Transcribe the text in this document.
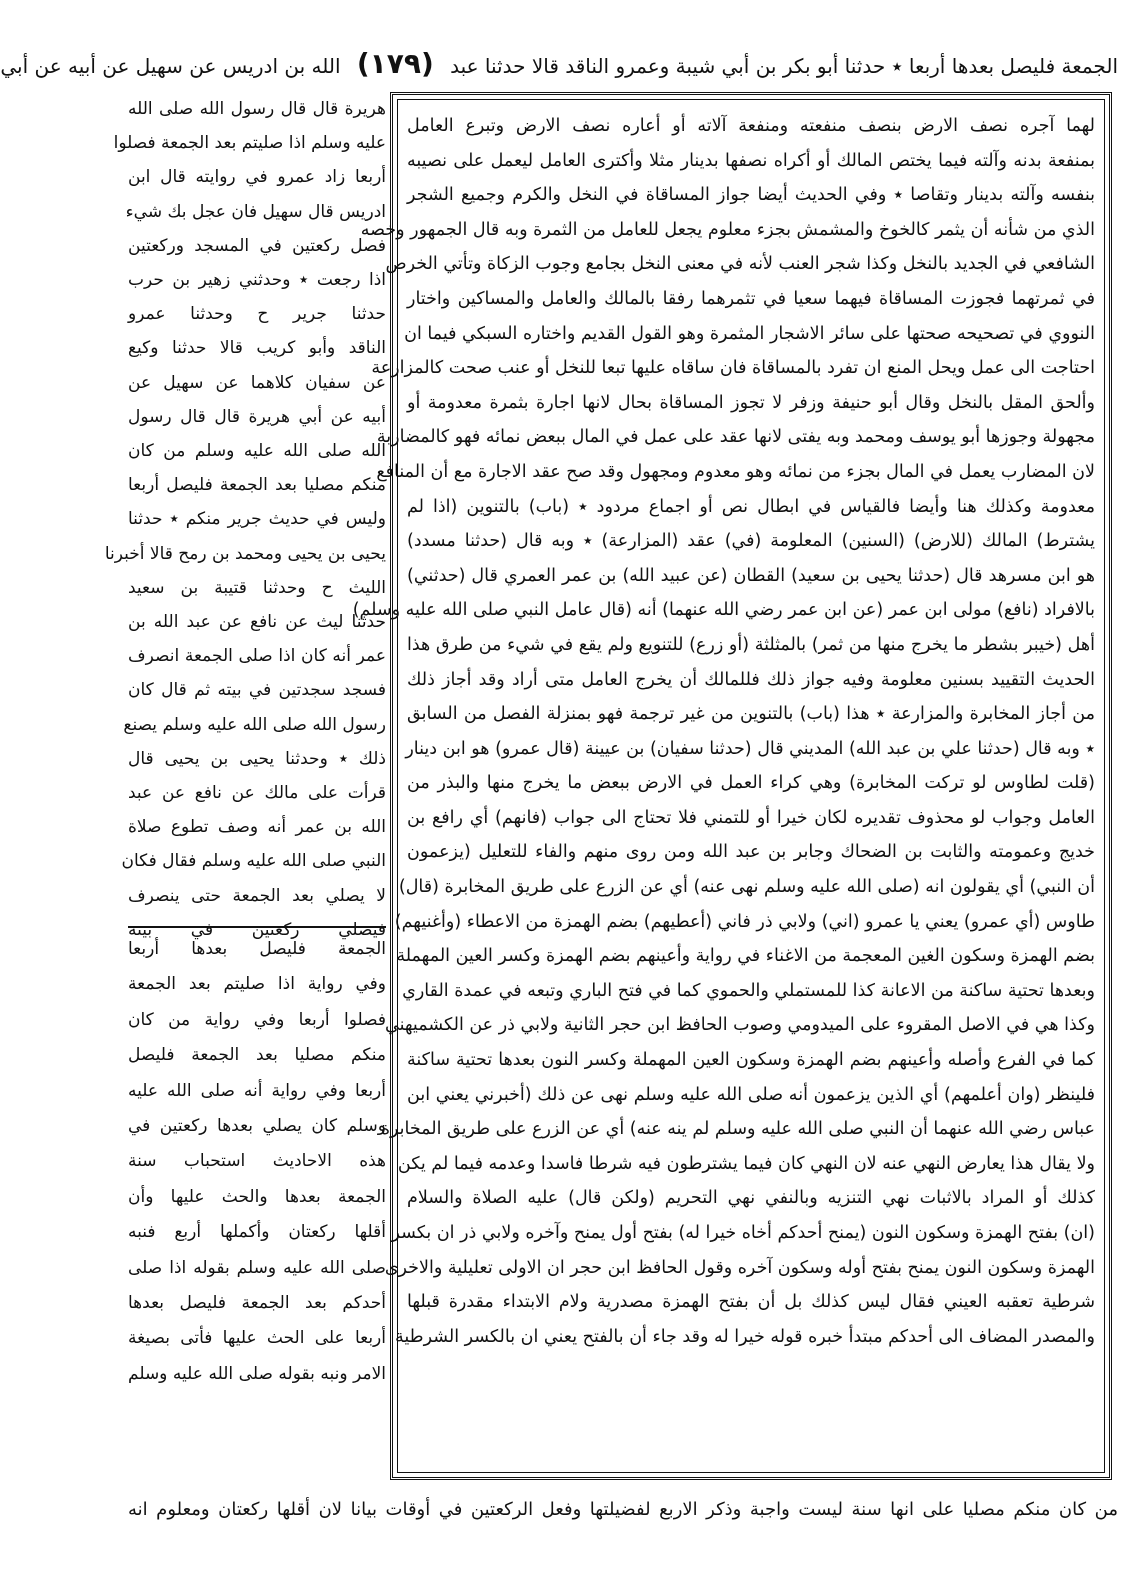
الجمعة فليصل بعدها أربعا ٭ حدثنا أبو بكر بن أبي شيبة وعمرو الناقد قالا حدثنا عبد (١٧٩) الله بن ادريس عن سهيل عن أبيه عن أبي

لهما آجره نصف الارض بنصف منفعته ومنفعة آلاته أو أعاره نصف الارض وتبرع العامل

بمنفعة بدنه وآلته فيما يختص المالك أو أكراه نصفها بدينار مثلا وأكترى العامل ليعمل على نصيبه

بنفسه وآلته بدينار وتقاصا ٭ وفي الحديث أيضا جواز المساقاة في النخل والكرم وجميع الشجر

الذي من شأنه أن يثمر كالخوخ والمشمش بجزء معلوم يجعل للعامل من الثمرة وبه قال الجمهور وخصه

الشافعي في الجديد بالنخل وكذا شجر العنب لأنه في معنى النخل بجامع وجوب الزكاة وتأتي الخرص

في ثمرتهما فجوزت المساقاة فيهما سعيا في تثمرهما رفقا بالمالك والعامل والمساكين واختار

النووي في تصحيحه صحتها على سائر الاشجار المثمرة وهو القول القديم واختاره السبكي فيما ان

احتاجت الى عمل ويحل المنع ان تفرد بالمساقاة فان ساقاه عليها تبعا للنخل أو عنب صحت كالمزارعة

وألحق المقل بالنخل وقال أبو حنيفة وزفر لا تجوز المساقاة بحال لانها اجارة بثمرة معدومة أو

مجهولة وجوزها أبو يوسف ومحمد وبه يفتى لانها عقد على عمل في المال ببعض نمائه فهو كالمضاربة

لان المضارب يعمل في المال بجزء من نمائه وهو معدوم ومجهول وقد صح عقد الاجارة مع أن المنافع

معدومة وكذلك هنا وأيضا فالقياس في ابطال نص أو اجماع مردود ٭ (باب) بالتنوين (اذا لم

يشترط) المالك (للارض) (السنين) المعلومة (في) عقد (المزارعة) ٭ وبه قال (حدثنا مسدد)

هو ابن مسرهد قال (حدثنا يحيى بن سعيد) القطان (عن عبيد الله) بن عمر العمري قال (حدثني)

بالافراد (نافع) مولى ابن عمر (عن ابن عمر رضي الله عنهما) أنه (قال عامل النبي صلى الله عليه وسلم)

أهل (خيبر بشطر ما يخرج منها من ثمر) بالمثلثة (أو زرع) للتنويع ولم يقع في شيء من طرق هذا

الحديث التقييد بسنين معلومة وفيه جواز ذلك فللمالك أن يخرج العامل متى أراد وقد أجاز ذلك

من أجاز المخابرة والمزارعة ٭ هذا (باب) بالتنوين من غير ترجمة فهو بمنزلة الفصل من السابق

٭ وبه قال (حدثنا علي بن عبد الله) المديني قال (حدثنا سفيان) بن عيينة (قال عمرو) هو ابن دينار

(قلت لطاوس لو تركت المخابرة) وهي كراء العمل في الارض ببعض ما يخرج منها والبذر من

العامل وجواب لو محذوف تقديره لكان خيرا أو للتمني فلا تحتاج الى جواب (فانهم) أي رافع بن

خديج وعمومته والثابت بن الضحاك وجابر بن عبد الله ومن روى منهم والفاء للتعليل (يزعمون

أن النبي) أي يقولون انه (صلى الله عليه وسلم نهى عنه) أي عن الزرع على طريق المخابرة (قال)

طاوس (أي عمرو) يعني يا عمرو (اني) ولابي ذر فاني (أعطيهم) بضم الهمزة من الاعطاء (وأغنيهم)

بضم الهمزة وسكون الغين المعجمة من الاغناء في رواية وأعينهم بضم الهمزة وكسر العين المهملة

وبعدها تحتية ساكنة من الاعانة كذا للمستملي والحموي كما في فتح الباري وتبعه في عمدة القاري

وكذا هي في الاصل المقروء على الميدومي وصوب الحافظ ابن حجر الثانية ولابي ذر عن الكشميهني

كما في الفرع وأصله وأعينهم بضم الهمزة وسكون العين المهملة وكسر النون بعدها تحتية ساكنة

فلينظر (وان أعلمهم) أي الذين يزعمون أنه صلى الله عليه وسلم نهى عن ذلك (أخبرني يعني ابن

عباس رضي الله عنهما أن النبي صلى الله عليه وسلم لم ينه عنه) أي عن الزرع على طريق المخابرة

ولا يقال هذا يعارض النهي عنه لان النهي كان فيما يشترطون فيه شرطا فاسدا وعدمه فيما لم يكن

كذلك أو المراد بالاثبات نهي التنزيه وبالنفي نهي التحريم (ولكن قال) عليه الصلاة والسلام

(ان) بفتح الهمزة وسكون النون (يمنح أحدكم أخاه خيرا له) بفتح أول يمنح وآخره ولابي ذر ان بكسر

الهمزة وسكون النون يمنح بفتح أوله وسكون آخره وقول الحافظ ابن حجر ان الاولى تعليلية والاخرى

شرطية تعقبه العيني فقال ليس كذلك بل أن بفتح الهمزة مصدرية ولام الابتداء مقدرة قبلها

والمصدر المضاف الى أحدكم مبتدأ خبره قوله خيرا له وقد جاء أن بالفتح يعني ان بالكسر الشرطية

هريرة قال قال رسول الله صلى الله

عليه وسلم اذا صليتم بعد الجمعة فصلوا

أربعا زاد عمرو في روايته قال ابن

ادريس قال سهيل فان عجل بك شيء

فصل ركعتين في المسجد وركعتين

اذا رجعت ٭ وحدثني زهير بن حرب

حدثنا جرير ح وحدثنا عمرو

الناقد وأبو كريب قالا حدثنا وكيع

عن سفيان كلاهما عن سهيل عن

أبيه عن أبي هريرة قال قال رسول

الله صلى الله عليه وسلم من كان

منكم مصليا بعد الجمعة فليصل أربعا

وليس في حديث جرير منكم ٭ حدثنا

يحيى بن يحيى ومحمد بن رمح قالا أخبرنا

الليث ح وحدثنا قتيبة بن سعيد

حدثنا ليث عن نافع عن عبد الله بن

عمر أنه كان اذا صلى الجمعة انصرف

فسجد سجدتين في بيته ثم قال كان

رسول الله صلى الله عليه وسلم يصنع

ذلك ٭ وحدثنا يحيى بن يحيى قال

قرأت على مالك عن نافع عن عبد

الله بن عمر أنه وصف تطوع صلاة

النبي صلى الله عليه وسلم فقال فكان

لا يصلي بعد الجمعة حتى ينصرف

فيصلي ركعتين في بيته

الجمعة فليصل بعدها أربعا

وفي رواية اذا صليتم بعد الجمعة

فصلوا أربعا وفي رواية من كان

منكم مصليا بعد الجمعة فليصل

أربعا وفي رواية أنه صلى الله عليه

وسلم كان يصلي بعدها ركعتين في

هذه الاحاديث استحباب سنة

الجمعة بعدها والحث عليها وأن

أقلها ركعتان وأكملها أربع فنبه

صلى الله عليه وسلم بقوله اذا صلى

أحدكم بعد الجمعة فليصل بعدها

أربعا على الحث عليها فأتى بصيغة

الامر ونبه بقوله صلى الله عليه وسلم

من كان منكم مصليا على انها سنة ليست واجبة وذكر الاربع لفضيلتها وفعل الركعتين في أوقات بيانا لان أقلها ركعتان ومعلوم انه
